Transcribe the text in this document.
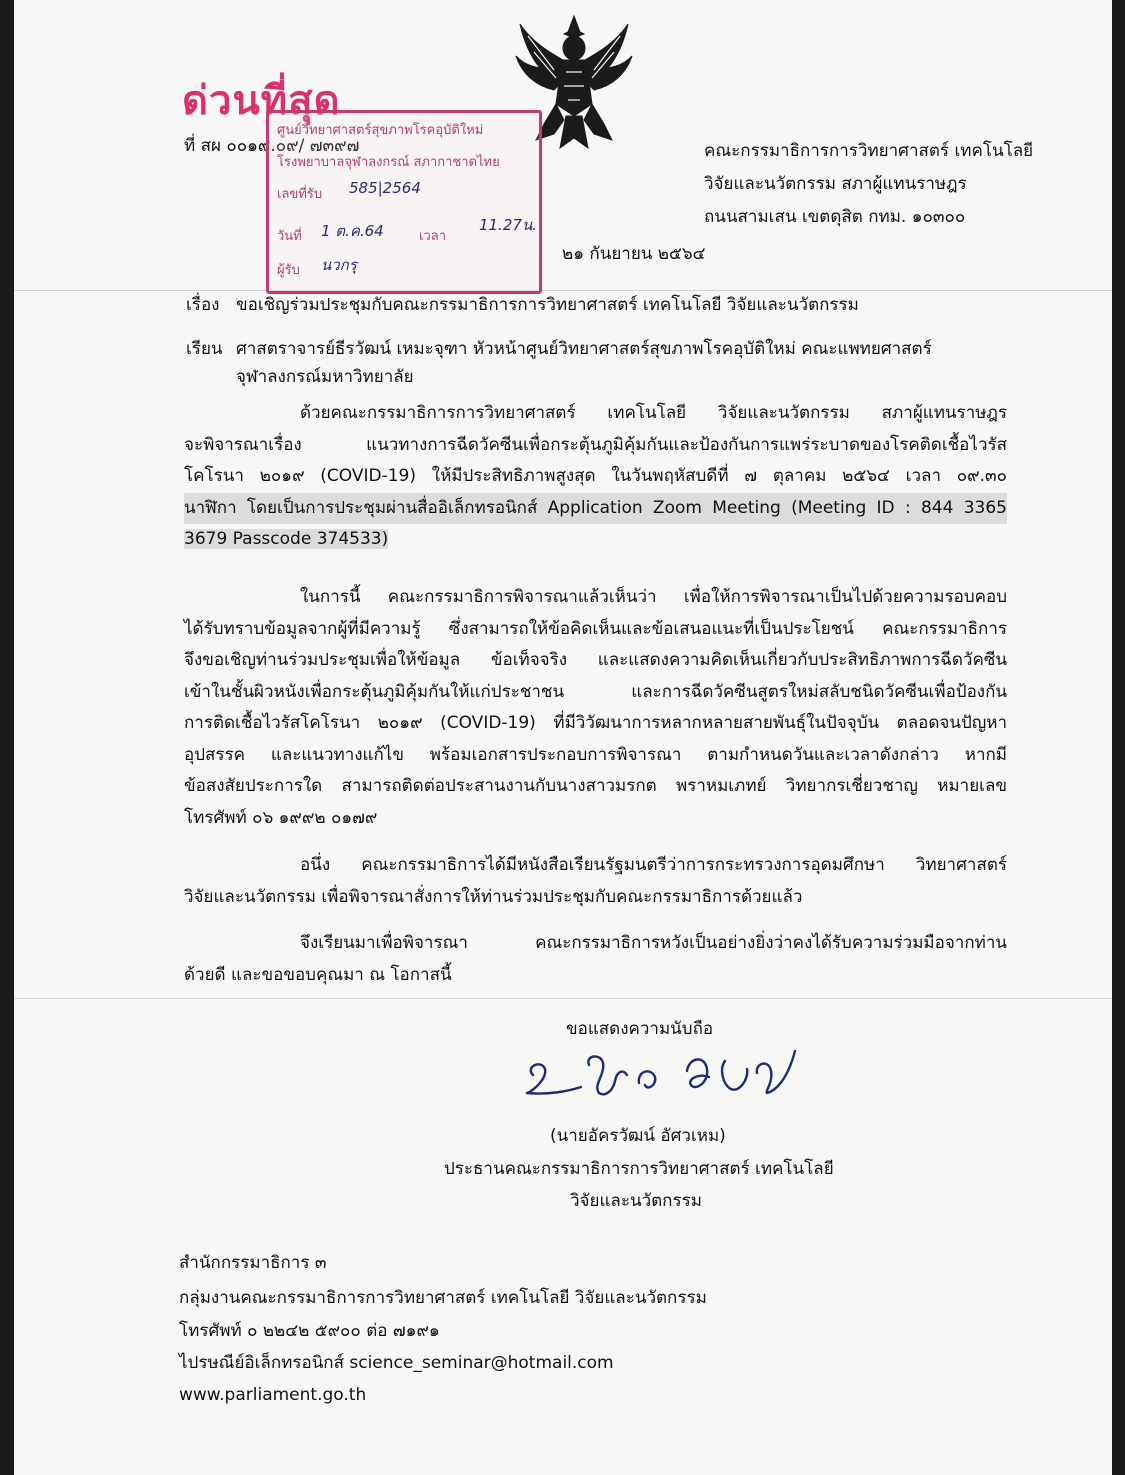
ด่วนที่สุด
ที่ สผ ๐๐๑๙.๐๙/ ๗๓๙๗
ศูนย์วิทยาศาสตร์สุขภาพโรคอุบัติใหม่
โรงพยาบาลจุฬาลงกรณ์ สภากาชาดไทย
เลขที่รับ 585|2564
วันที่ 1 ต.ค.64	เวลา
11.27น.
ผู้รับ นวกรุ
คณะกรรมาธิการการวิทยาศาสตร์ เทคโนโลยี
วิจัยและนวัตกรรม สภาผู้แทนราษฎร
ถนนสามเสน เขตดุสิต กทม. ๑๐๓๐๐
๒๑ กันยายน ๒๕๖๔
เรื่อง ขอเชิญร่วมประชุมกับคณะกรรมาธิการการวิทยาศาสตร์ เทคโนโลยี วิจัยและนวัตกรรม
เรียน ศาสตราจารย์ธีรวัฒน์ เหมะจุฑา หัวหน้าศูนย์วิทยาศาสตร์สุขภาพโรคอุบัติใหม่ คณะแพทยศาสตร์
จุฬาลงกรณ์มหาวิทยาลัย
ด้วยคณะกรรมาธิการการวิทยาศาสตร์ เทคโนโลยี วิจัยและนวัตกรรม สภาผู้แทนราษฎร
จะพิจารณาเรื่อง แนวทางการฉีดวัคซีนเพื่อกระตุ้นภูมิคุ้มกันและป้องกันการแพร่ระบาดของโรคติดเชื้อไวรัส
โคโรนา ๒๐๑๙ (COVID-19) ให้มีประสิทธิภาพสูงสุด ในวันพฤหัสบดีที่ ๗ ตุลาคม ๒๕๖๔ เวลา ๐๙.๓๐
นาฬิกา โดยเป็นการประชุมผ่านสื่ออิเล็กทรอนิกส์ Application Zoom Meeting (Meeting ID : 844 3365
3679 Passcode 374533)
ในการนี้ คณะกรรมาธิการพิจารณาแล้วเห็นว่า เพื่อให้การพิจารณาเป็นไปด้วยความรอบคอบ
ได้รับทราบข้อมูลจากผู้ที่มีความรู้ ซึ่งสามารถให้ข้อคิดเห็นและข้อเสนอแนะที่เป็นประโยชน์ คณะกรรมาธิการ
จึงขอเชิญท่านร่วมประชุมเพื่อให้ข้อมูล ข้อเท็จจริง และแสดงความคิดเห็นเกี่ยวกับประสิทธิภาพการฉีดวัคซีน
เข้าในชั้นผิวหนังเพื่อกระตุ้นภูมิคุ้มกันให้แก่ประชาชน และการฉีดวัคซีนสูตรใหม่สลับชนิดวัคซีนเพื่อป้องกัน
การติดเชื้อไวรัสโคโรนา ๒๐๑๙ (COVID-19) ที่มีวิวัฒนาการหลากหลายสายพันธุ์ในปัจจุบัน ตลอดจนปัญหา
อุปสรรค และแนวทางแก้ไข พร้อมเอกสารประกอบการพิจารณา ตามกำหนดวันและเวลาดังกล่าว หากมี
ข้อสงสัยประการใด สามารถติดต่อประสานงานกับนางสาวมรกต พราหมเภทย์ วิทยากรเชี่ยวชาญ หมายเลข
โทรศัพท์ ๐๖ ๑๙๙๒ ๐๑๗๙
อนึ่ง คณะกรรมาธิการได้มีหนังสือเรียนรัฐมนตรีว่าการกระทรวงการอุดมศึกษา วิทยาศาสตร์
วิจัยและนวัตกรรม เพื่อพิจารณาสั่งการให้ท่านร่วมประชุมกับคณะกรรมาธิการด้วยแล้ว
จึงเรียนมาเพื่อพิจารณา คณะกรรมาธิการหวังเป็นอย่างยิ่งว่าคงได้รับความร่วมมือจากท่าน
ด้วยดี และขอขอบคุณมา ณ โอกาสนี้
ขอแสดงความนับถือ
(นายอัครวัฒน์ อัศวเหม)
ประธานคณะกรรมาธิการการวิทยาศาสตร์ เทคโนโลยี
วิจัยและนวัตกรรม
สำนักกรรมาธิการ ๓
กลุ่มงานคณะกรรมาธิการการวิทยาศาสตร์ เทคโนโลยี วิจัยและนวัตกรรม
โทรศัพท์ ๐ ๒๒๔๒ ๕๙๐๐ ต่อ ๗๑๙๑
ไปรษณีย์อิเล็กทรอนิกส์ science_seminar@hotmail.com
www.parliament.go.th
